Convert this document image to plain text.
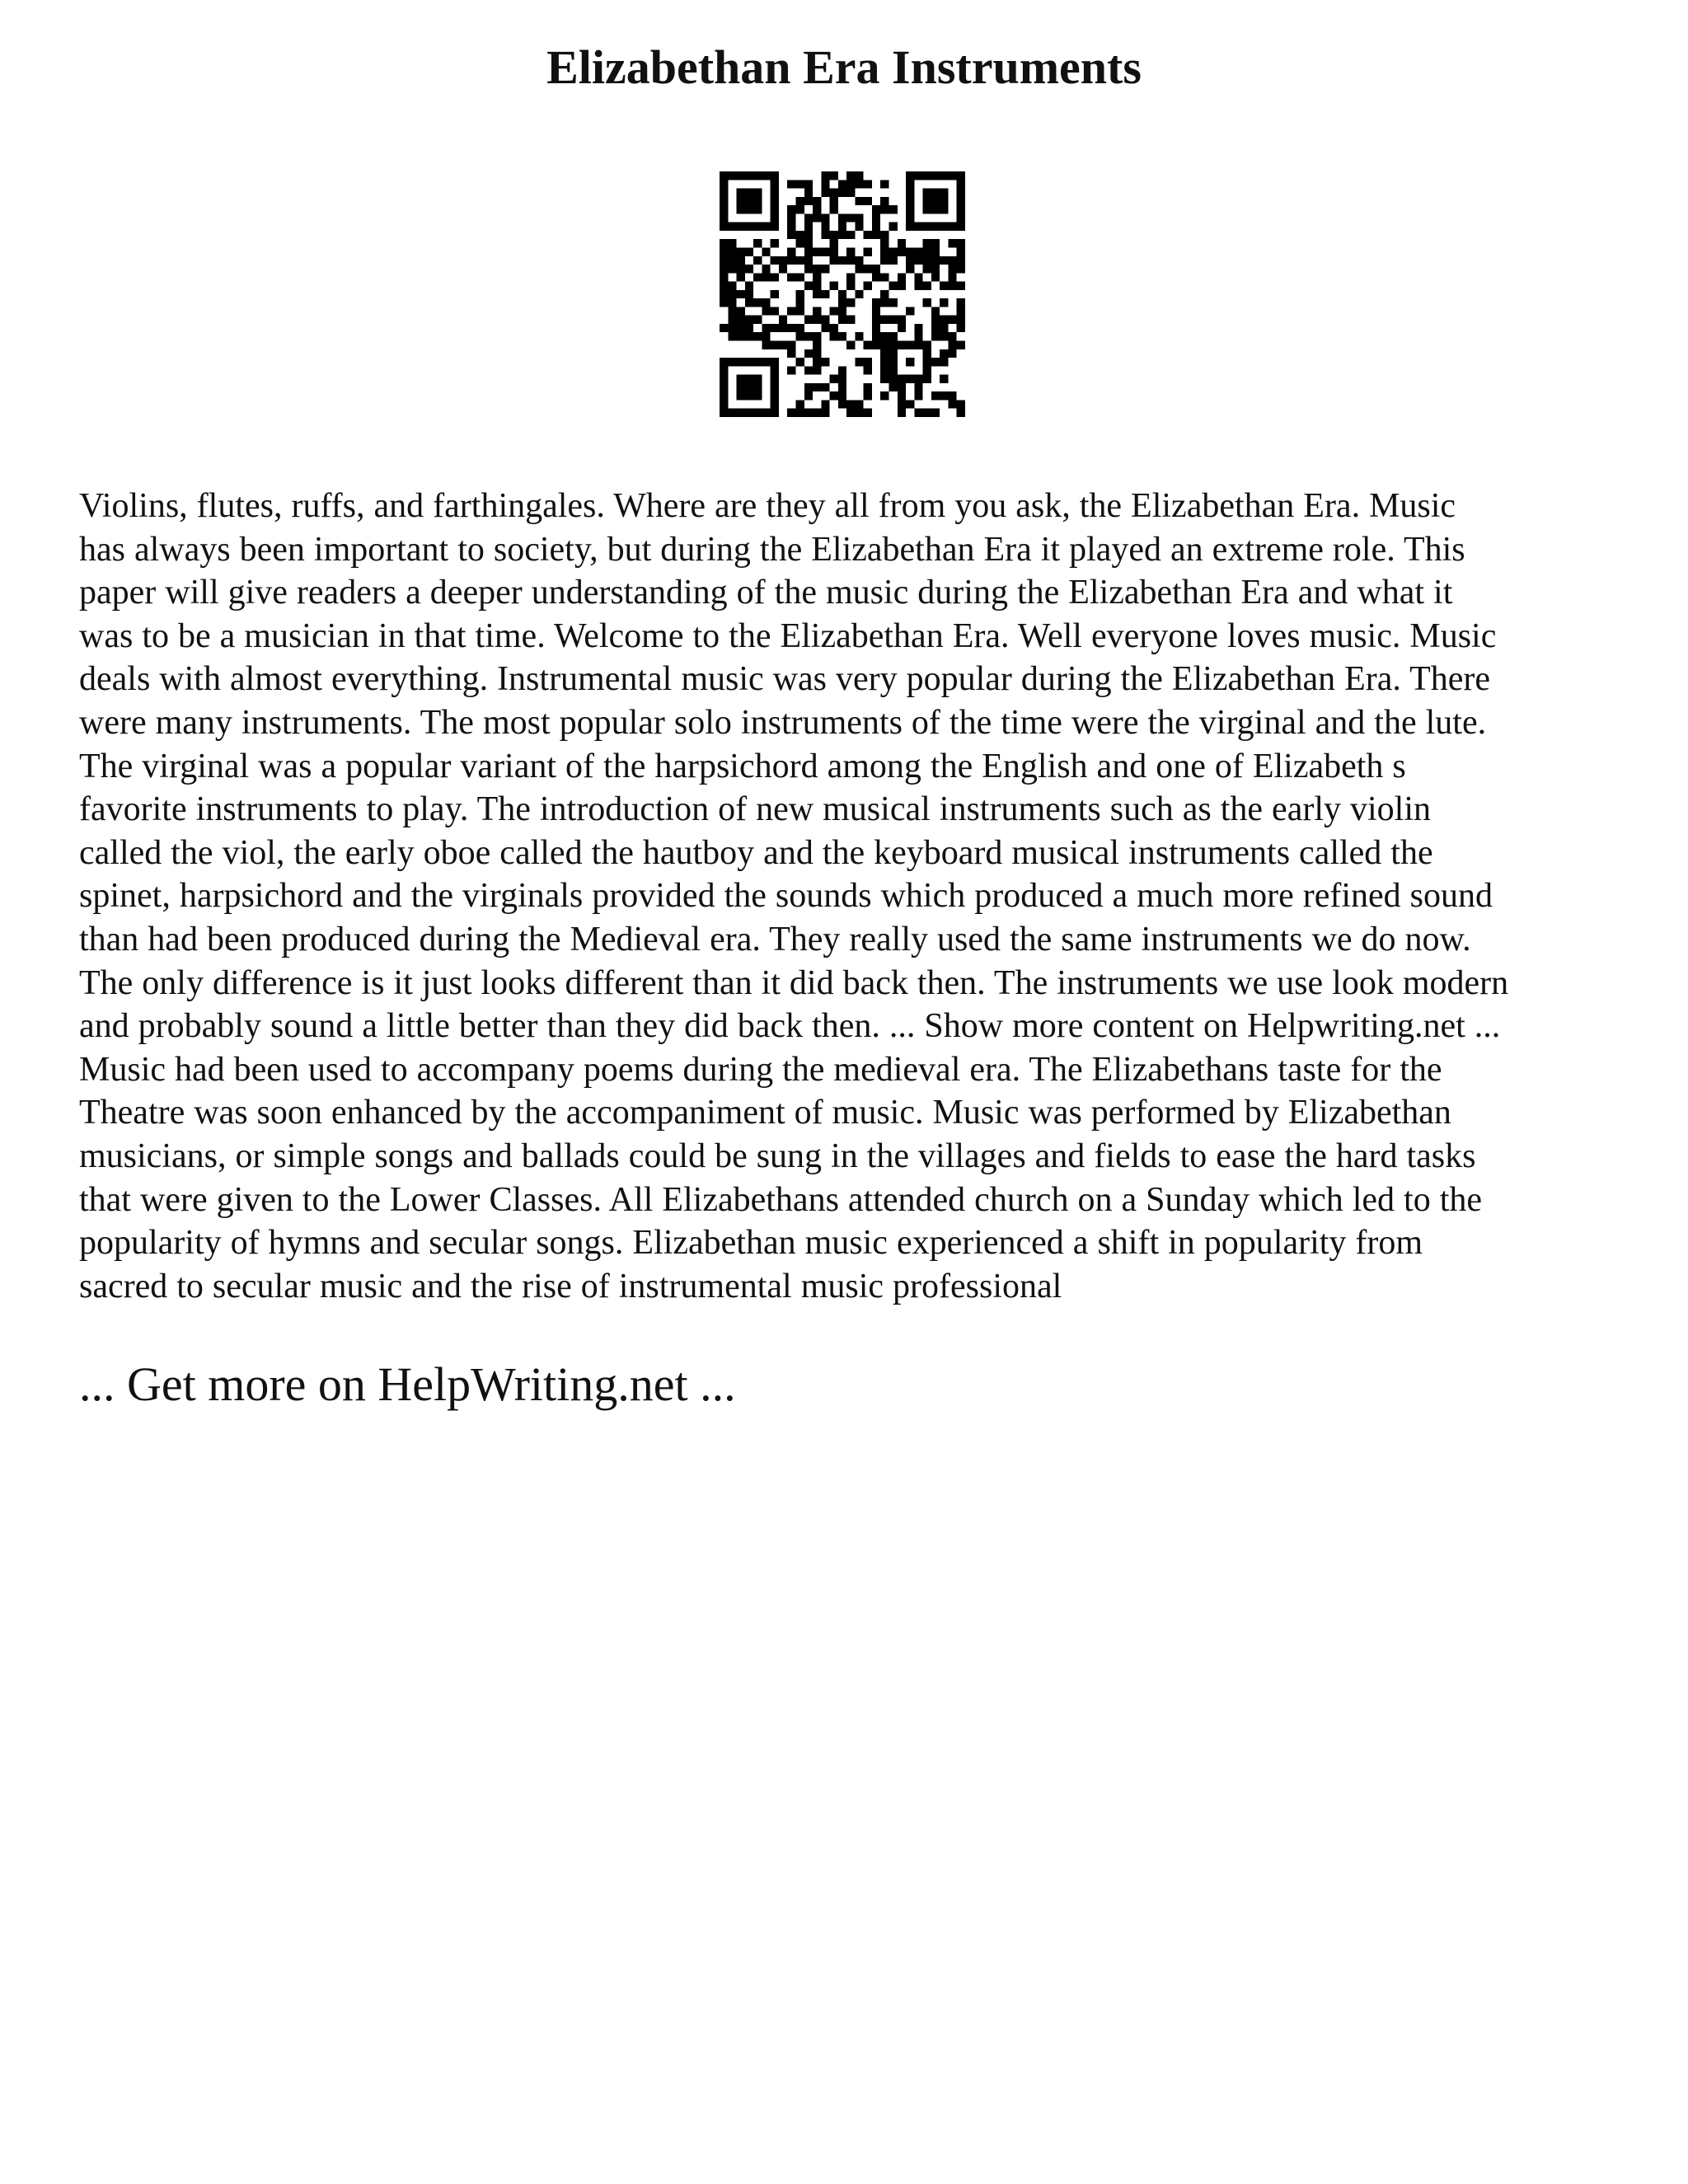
Elizabethan Era Instruments

Violins, flutes, ruffs, and farthingales. Where are they all from you ask, the Elizabethan Era. Music
has always been important to society, but during the Elizabethan Era it played an extreme role. This
paper will give readers a deeper understanding of the music during the Elizabethan Era and what it
was to be a musician in that time. Welcome to the Elizabethan Era. Well everyone loves music. Music
deals with almost everything. Instrumental music was very popular during the Elizabethan Era. There
were many instruments. The most popular solo instruments of the time were the virginal and the lute.
The virginal was a popular variant of the harpsichord among the English and one of Elizabeth s
favorite instruments to play. The introduction of new musical instruments such as the early violin
called the viol, the early oboe called the hautboy and the keyboard musical instruments called the
spinet, harpsichord and the virginals provided the sounds which produced a much more refined sound
than had been produced during the Medieval era. They really used the same instruments we do now.
The only difference is it just looks different than it did back then. The instruments we use look modern
and probably sound a little better than they did back then. ... Show more content on Helpwriting.net ...
Music had been used to accompany poems during the medieval era. The Elizabethans taste for the
Theatre was soon enhanced by the accompaniment of music. Music was performed by Elizabethan
musicians, or simple songs and ballads could be sung in the villages and fields to ease the hard tasks
that were given to the Lower Classes. All Elizabethans attended church on a Sunday which led to the
popularity of hymns and secular songs. Elizabethan music experienced a shift in popularity from
sacred to secular music and the rise of instrumental music professional

... Get more on HelpWriting.net ...
